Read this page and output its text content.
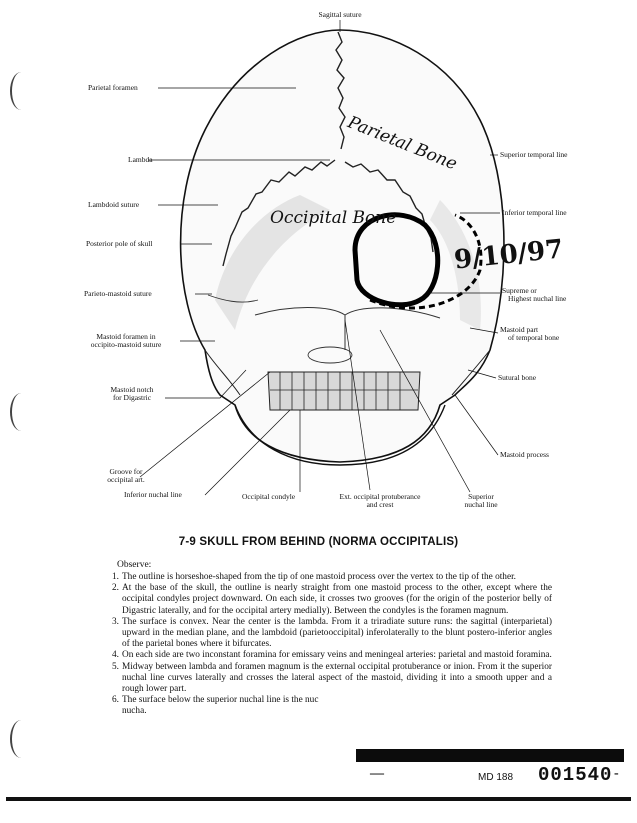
Parietal Bone
Occipital Bone
9/10/97
Sagittal suture
Parietal foramen
Lambda
Lambdoid suture
Posterior pole of skull
Parieto-mastoid suture
Mastoid foramen in
occipito-mastoid suture
Mastoid notch
for Digastric
Groove for
occipital art.
Inferior nuchal line	Occipital condyle	Ext. occipital protuberance
and crest
Superior
nuchal line
Mastoid process
Sutural bone
Mastoid part
of temporal bone
Supreme or
Highest nuchal line
Inferior temporal line
Superior temporal line
7-9 SKULL FROM BEHIND (NORMA OCCIPITALIS)
Observe:
1. The outline is horseshoe-shaped from the tip of one mastoid process over the vertex to the tip of the other.
2. At the base of the skull, the outline is nearly straight from one mastoid process to the other, except where the occipital condyles project downward. On each side, it crosses two grooves (for the origin of the posterior belly of Digastric laterally, and for the occipital artery medially). Between the condyles is the foramen magnum.
3. The surface is convex. Near the center is the lambda. From it a triradiate suture runs: the sagittal (interparietal) upward in the median plane, and the lambdoid (parietooccipital) inferolaterally to the blunt postero-inferior angles of the parietal bones where it bifurcates.
4. On each side are two inconstant foramina for emissary veins and meningeal arteries: parietal and mastoid foramina.
5. Midway between lambda and foramen magnum is the external occipital protuberance or inion. From it the superior nuchal line curves laterally and crosses the lateral aspect of the mastoid, dividing it into a smooth upper and a rough lower part.
6. The surface below the superior nuchal line is the nuc
nucha.
—	MD 188 001540 -
